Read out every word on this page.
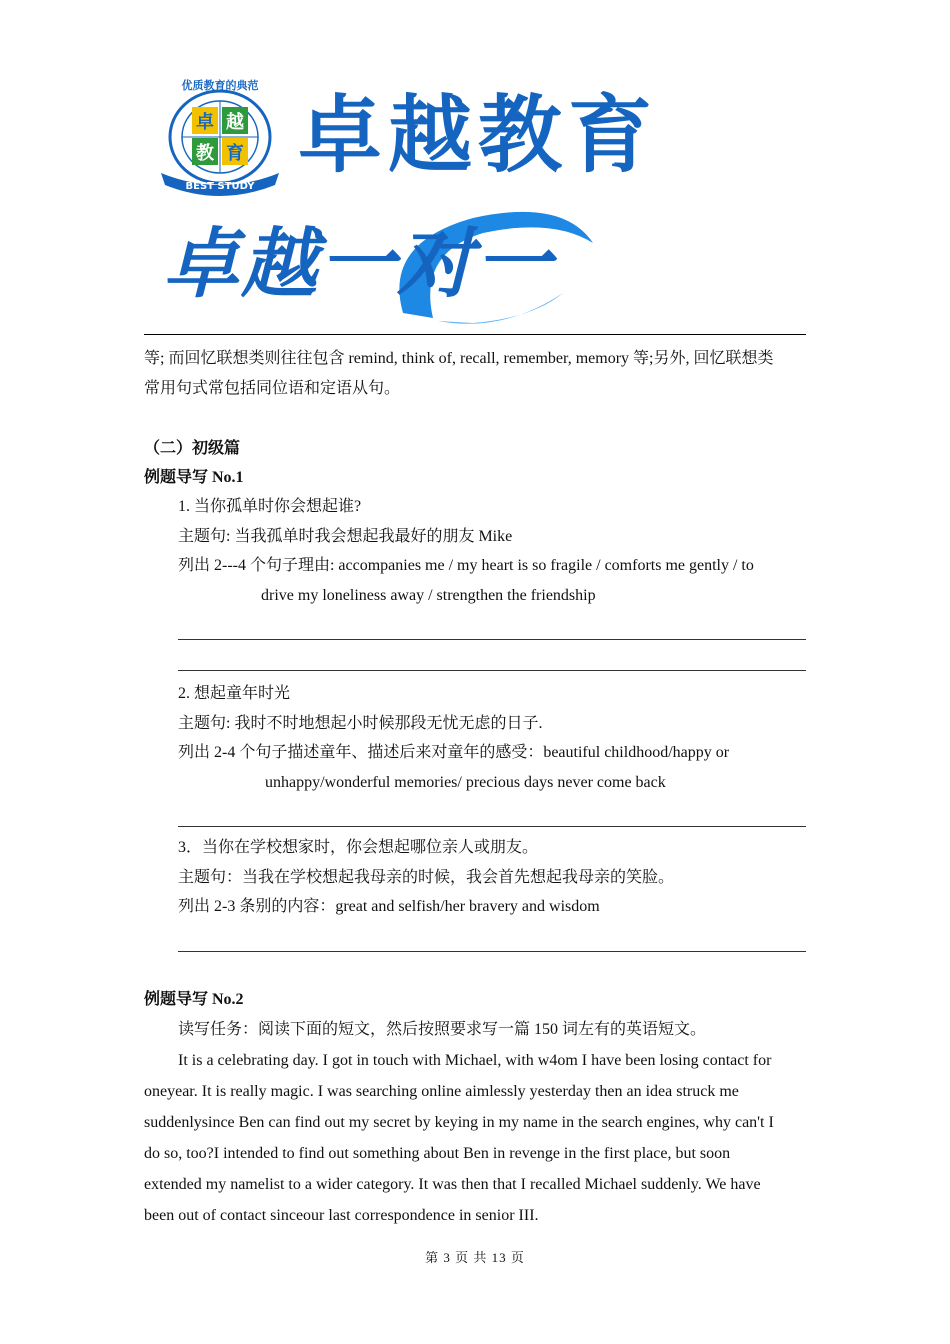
卓 越
教 育
优质教育的典范
BEST STUDY
卓越教育
卓越一对一

等; 而回忆联想类则往往包含 remind, think of, recall, remember, memory 等;另外, 回忆联想类

常用句式常包括同位语和定语从句。

（二）初级篇

例题导写 No.1

1. 当你孤单时你会想起谁?

主题句: 当我孤单时我会想起我最好的朋友 Mike

列出 2---4 个句子理由: accompanies me / my heart is so fragile / comforts me gently / to

drive my loneliness away / strengthen the friendship

2. 想起童年时光

主题句: 我时不时地想起小时候那段无忧无虑的日子.

列出 2-4 个句子描述童年、描述后来对童年的感受：beautiful childhood/happy or

unhappy/wonderful memories/ precious days never come back

3．当你在学校想家时，你会想起哪位亲人或朋友。

主题句：当我在学校想起我母亲的时候，我会首先想起我母亲的笑脸。

列出 2-3 条别的内容：great and selfish/her bravery and wisdom

例题导写 No.2

读写任务：阅读下面的短文，然后按照要求写一篇 150 词左有的英语短文。

It is a celebrating day. I got in touch with Michael, with w4om I have been losing contact for

oneyear. It is really magic. I was searching online aimlessly yesterday then an idea struck me

suddenlysince Ben can find out my secret by keying in my name in the search engines, why can't I

do so, too?I intended to find out something about Ben in revenge in the first place, but soon

extended my namelist to a wider category. It was then that I recalled Michael suddenly. We have

been out of contact sinceour last correspondence in senior III.

第 3 页 共 13 页
